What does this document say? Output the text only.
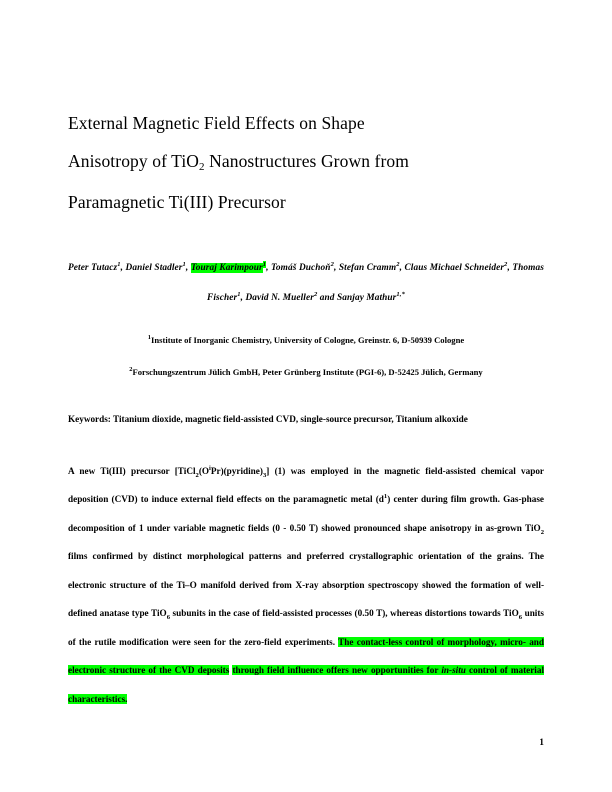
External Magnetic Field Effects on Shape
Anisotropy of TiO$_2$ Nanostructures Grown from
Paramagnetic Ti(III) Precursor
Peter Tutacz$^1$, Daniel Stadler$^1$, Touraj Karimpour$^1$, Tomáš Duchoň$^2$, Stefan Cramm$^2$, Claus Michael Schneider$^2$, Thomas Fischer$^1$, David N. Mueller$^2$ and Sanjay Mathur$^{1,*}$
$^1$Institute of Inorganic Chemistry, University of Cologne, Greinstr. 6, D-50939 Cologne
$^2$Forschungszentrum Jülich GmbH, Peter Grünberg Institute (PGI-6), D-52425 Jülich, Germany
Keywords: Titanium dioxide, magnetic field-assisted CVD, single-source precursor, Titanium alkoxide
A new Ti(III) precursor $[TiCl_2(O^iPr)(pyridine)_3]$ (1) was employed in the magnetic field-assisted chemical vapor deposition (CVD) to induce external field effects on the paramagnetic metal $(d^1)$ center during film growth. Gas-phase decomposition of 1 under variable magnetic fields (0 - 0.50 T) showed pronounced shape anisotropy in as-grown TiO$_2$ films confirmed by distinct morphological patterns and preferred crystallographic orientation of the grains. The electronic structure of the Ti–O manifold derived from X-ray absorption spectroscopy showed the formation of well-defined anatase type TiO$_6$ subunits in the case of field-assisted processes (0.50 T), whereas distortions towards TiO$_6$ units of the rutile modification were seen for the zero-field experiments. The contact-less control of morphology, micro- and electronic structure of the CVD deposits through field influence offers new opportunities for in-situ control of material characteristics.
1
